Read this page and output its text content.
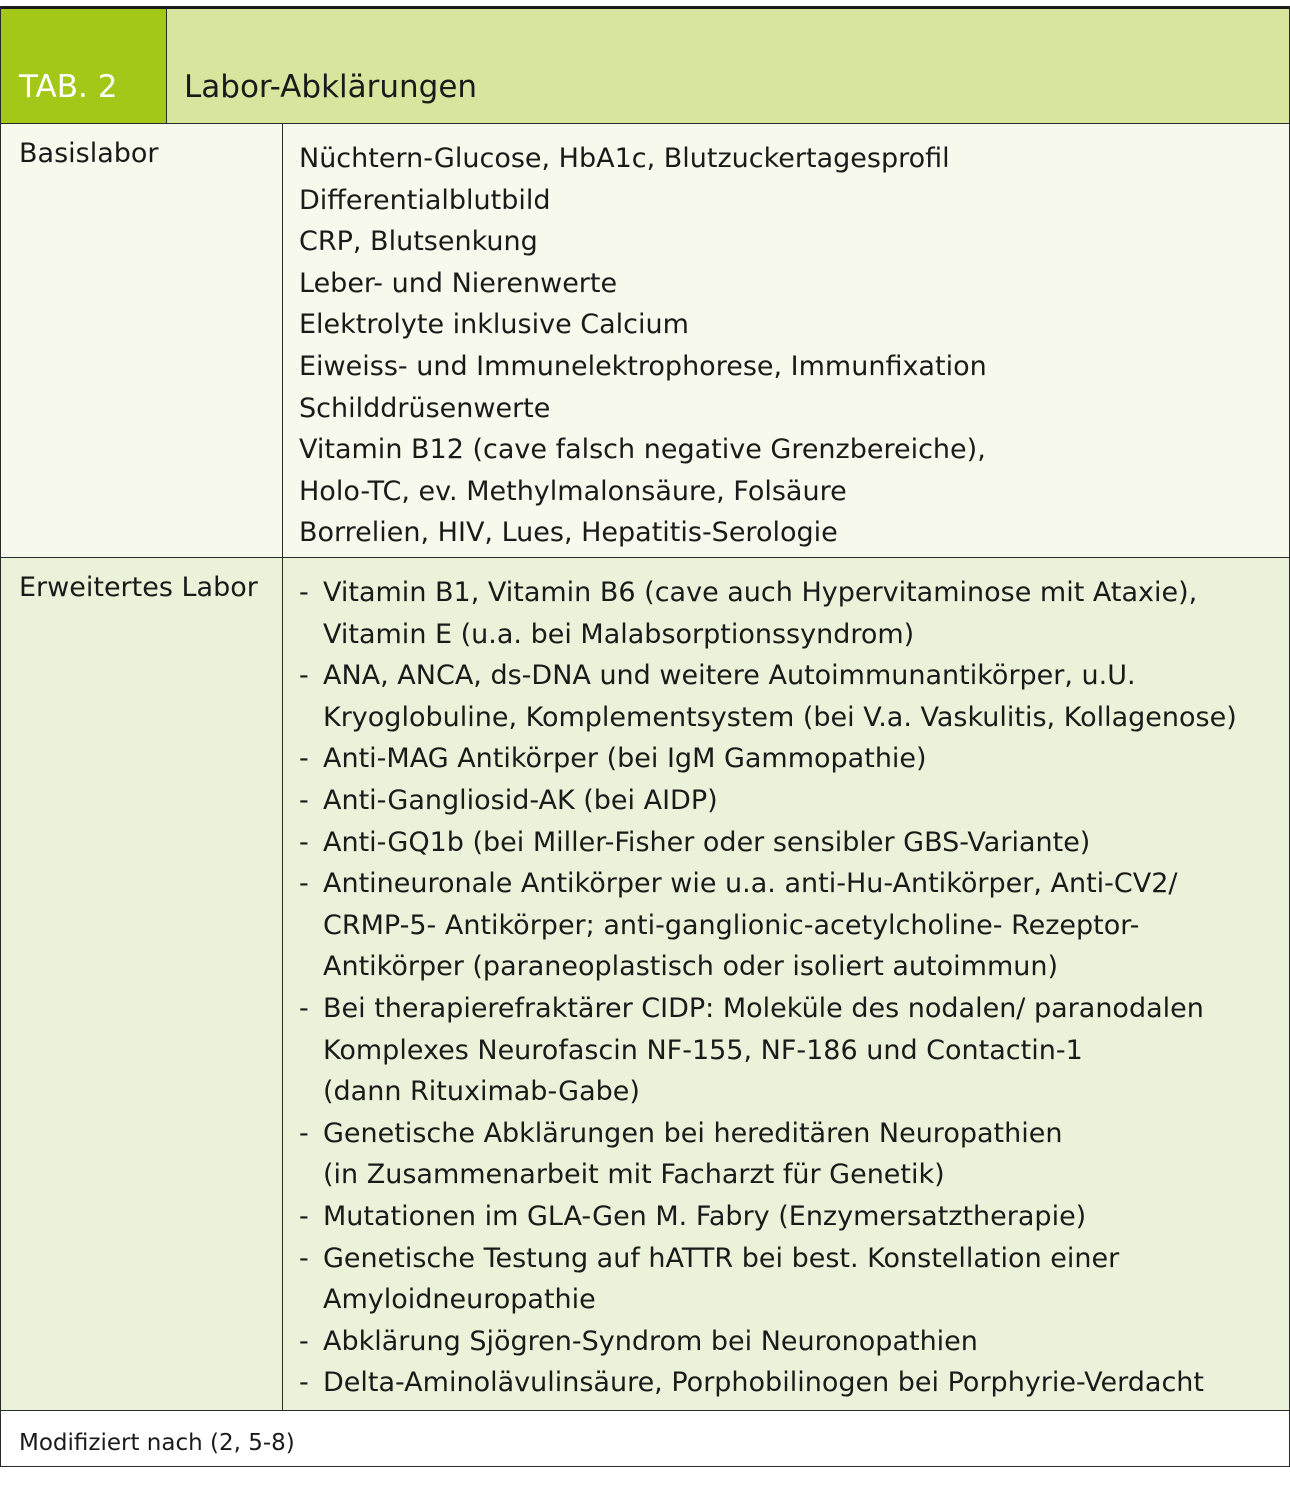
TAB. 2 Labor-Abklärungen
Basislabor	Nüchtern-Glucose, HbA1c, Blutzuckertagesprofil
Differentialblutbild
CRP, Blutsenkung
Leber- und Nierenwerte
Elektrolyte inklusive Calcium
Eiweiss- und Immunelektrophorese, Immunfixation
Schilddrüsenwerte
Vitamin B12 (cave falsch negative Grenzbereiche),
Holo-TC, ev. Methylmalonsäure, Folsäure
Borrelien, HIV, Lues, Hepatitis-Serologie
Erweitertes Labor - Vitamin B1, Vitamin B6 (cave auch Hypervitaminose mit Ataxie),
Vitamin E (u.a. bei Malabsorptionssyndrom)
- ANA, ANCA, ds-DNA und weitere Autoimmunantikörper, u.U.
Kryoglobuline, Komplementsystem (bei V.a. Vaskulitis, Kollagenose)
- Anti-MAG Antikörper (bei IgM Gammopathie)
- Anti-Gangliosid-AK (bei AIDP)
- Anti-GQ1b (bei Miller-Fisher oder sensibler GBS-Variante)
- Antineuronale Antikörper wie u.a. anti-Hu-Antikörper, Anti-CV2/
CRMP-5- Antikörper; anti-ganglionic-acetylcholine- Rezeptor-
Antikörper (paraneoplastisch oder isoliert autoimmun)
- Bei therapierefraktärer CIDP: Moleküle des nodalen/ paranodalen
Komplexes Neurofascin NF-155, NF-186 und Contactin-1
(dann Rituximab-Gabe)
- Genetische Abklärungen bei hereditären Neuropathien
(in Zusammenarbeit mit Facharzt für Genetik)
- Mutationen im GLA-Gen M. Fabry (Enzymersatztherapie)
- Genetische Testung auf hATTR bei best. Konstellation einer
Amyloidneuropathie
- Abklärung Sjögren-Syndrom bei Neuronopathien
- Delta-Aminolävulinsäure, Porphobilinogen bei Porphyrie-Verdacht
Modifiziert nach (2, 5-8)
